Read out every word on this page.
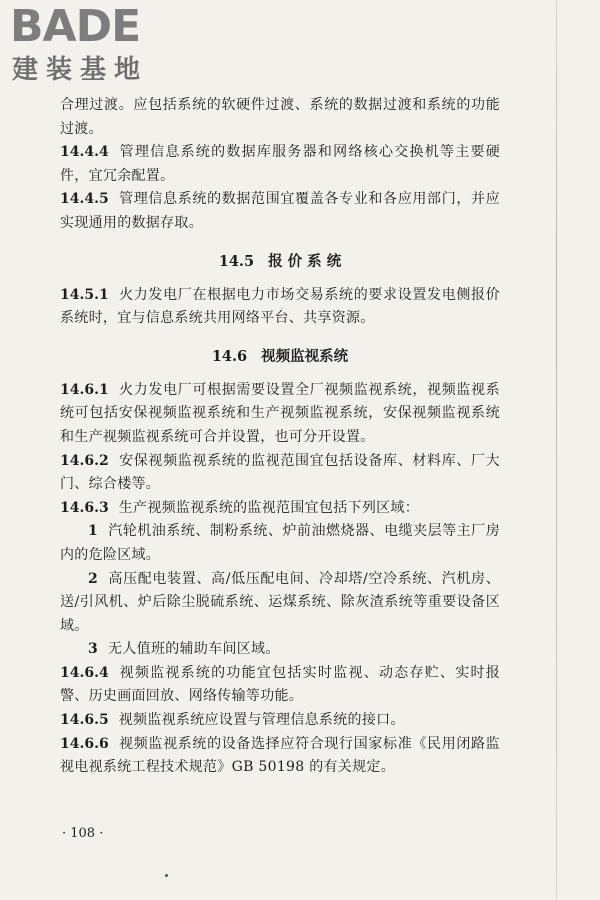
BADE
建装基地
合理过渡。应包括系统的软硬件过渡、系统的数据过渡和系统的功能过渡。
14.4.4 管理信息系统的数据库服务器和网络核心交换机等主要硬件，宜冗余配置。
14.4.5 管理信息系统的数据范围宜覆盖各专业和各应用部门，并应实现通用的数据存取。
14.5 报 价 系 统
14.5.1 火力发电厂在根据电力市场交易系统的要求设置发电侧报价系统时，宜与信息系统共用网络平台、共享资源。
14.6 视频监视系统
14.6.1 火力发电厂可根据需要设置全厂视频监视系统，视频监视系统可包括安保视频监视系统和生产视频监视系统，安保视频监视系统和生产视频监视系统可合并设置，也可分开设置。
14.6.2 安保视频监视系统的监视范围宜包括设备库、材料库、厂大门、综合楼等。
14.6.3 生产视频监视系统的监视范围宜包括下列区域：
1 汽轮机油系统、制粉系统、炉前油燃烧器、电缆夹层等主厂房内的危险区域。
2 高压配电装置、高/低压配电间、冷却塔/空冷系统、汽机房、送/引风机、炉后除尘脱硫系统、运煤系统、除灰渣系统等重要设备区域。
3 无人值班的辅助车间区域。
14.6.4 视频监视系统的功能宜包括实时监视、动态存贮、实时报警、历史画面回放、网络传输等功能。
14.6.5 视频监视系统应设置与管理信息系统的接口。
14.6.6 视频监视系统的设备选择应符合现行国家标准《民用闭路监视电视系统工程技术规范》GB 50198 的有关规定。
· 108 ·
